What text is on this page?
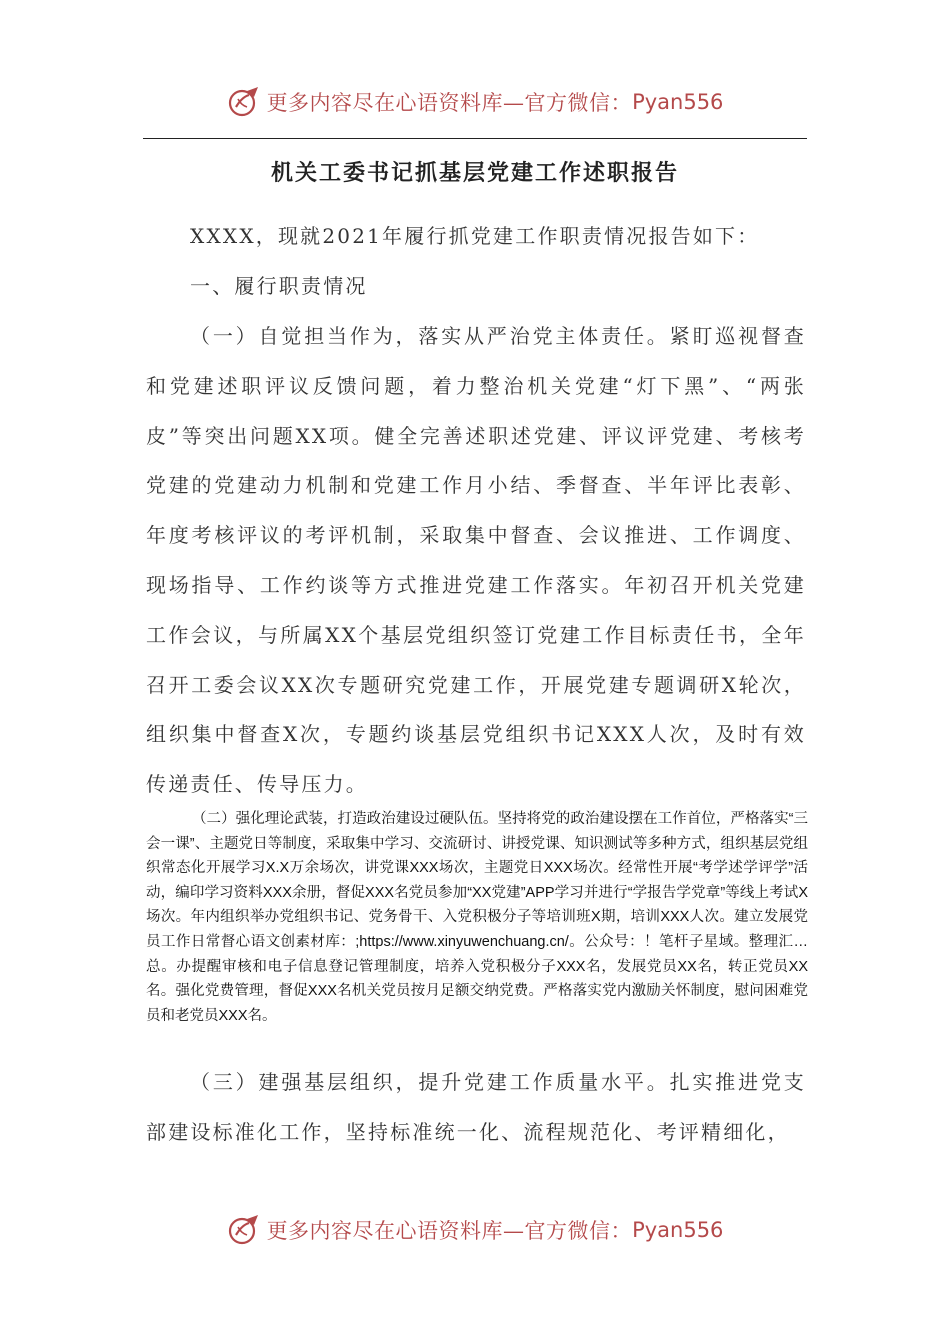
更多内容尽在心语资料库—官方微信： Pyan556
机关工委书记抓基层党建工作述职报告
XXXX，现就2021年履行抓党建工作职责情况报告如下：
一、履行职责情况
（一）自觉担当作为，落实从严治党主体责任。紧盯巡视督查和党建述职评议反馈问题，着力整治机关党建“灯下黑”、“两张皮”等突出问题XX项。健全完善述职述党建、评议评党建、考核考党建的党建动力机制和党建工作月小结、季督查、半年评比表彰、年度考核评议的考评机制，采取集中督查、会议推进、工作调度、现场指导、工作约谈等方式推进党建工作落实。年初召开机关党建工作会议，与所属XX个基层党组织签订党建工作目标责任书，全年召开工委会议XX次专题研究党建工作，开展党建专题调研X轮次，组织集中督查X次，专题约谈基层党组织书记XXX人次，及时有效传递责任、传导压力。
（二）强化理论武装，打造政治建设过硬队伍。坚持将党的政治建设摆在工作首位，严格落实“三会一课”、主题党日等制度，采取集中学习、交流研讨、讲授党课、知识测试等多种方式，组织基层党组织常态化开展学习X.X万余场次，讲党课XXX场次，主题党日XXX场次。经常性开展“考学述学评学”活动，编印学习资料XXX余册，督促XXX名党员参加“XX党建”APP学习并进行“学报告学党章”等线上考试X场次。年内组织举办党组织书记、党务骨干、入党积极分子等培训班X期，培训XXX人次。建立发展党员工作日常督心语文创素材库：;https://www.xinyuwenchuang.cn/。公众号：！笔杆子星域。整理汇…总。办提醒审核和电子信息登记管理制度，培养入党积极分子XXX名，发展党员XX名，转正党员XX名。强化党费管理，督促XXX名机关党员按月足额交纳党费。严格落实党内激励关怀制度，慰问困难党员和老党员XXX名。
（三）建强基层组织，提升党建工作质量水平。扎实推进党支部建设标准化工作，坚持标准统一化、流程规范化、考评精细化，
更多内容尽在心语资料库—官方微信： Pyan556
